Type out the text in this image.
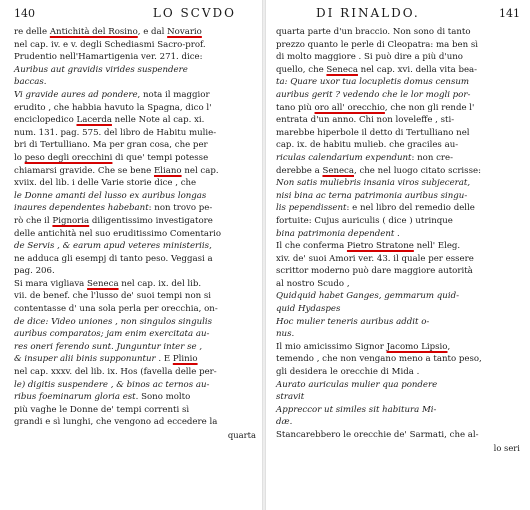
140	LO SCVDO

re delle Antichità del Rosino, e dal Novario

nel cap. iv. e v. degli Schediasmi Sacro-prof.

Prudentio nell'Hamartigenia ver. 271. dice:

Auribus aut gravidis virides suspendere

baccas.

Vi gravide aures ad pondere, nota il maggior

erudito , che habbia havuto la Spagna, dico l'

enciclopedico Lacerda nelle Note al cap. xi.

num. 131. pag. 575. del libro de Habitu mulie-

bri di Tertulliano. Ma per gran cosa, che per

lo peso degli orecchini di que' tempi potesse

chiamarsi gravide. Che se bene Eliano nel cap.

xviix. del lib. i delle Varie storie dice , che

le Donne amanti del lusso ex auribus longas

inaures dependentes habebant: non trovo pe-

rò che il Pignoria diligentissimo investigatore

delle antichità nel suo eruditissimo Comentario

de Servis , & earum apud veteres ministeriis,

ne adduca gli esempj di tanto peso. Veggasi a

pag. 206.

Si mara vigliava Seneca nel cap. ix. del lib.

vii. de benef. che l'lusso de' suoi tempi non si

contentasse d' una sola perla per orecchia, on-

de dice: Video uniones , non singulos singulis

auribus comparatos; jam enim exercitata au-

res oneri ferendo sunt. Junguntur inter se ,

& insuper alii binis supponuntur . E Plinio

nel cap. xxxv. del lib. ix. Hos (favella delle per-

le) digitis suspendere , & binos ac ternos au-

ribus foeminarum gloria est. Sono molto

più vaghe le Donne de' tempi correnti sì

grandi e sì lunghi, che vengono ad eccedere la

quarta
DI RINALDO.	141

quarta parte d'un braccio. Non sono di tanto

prezzo quanto le perle di Cleopatra: ma ben sì

di molto maggiore . Si può dire a più d'uno

quello, che Seneca nel cap. xvi. della vita bea-

ta: Quare uxor tua locupletis domus censum

auribus gerit ? vedendo che le lor mogli por-

tano più oro all' orecchio, che non gli rende l'

entrata d'un anno. Chi non loveleffe , sti-

marebbe hiperbole il detto di Tertulliano nel

cap. ix. de habitu mulieb. che graciles au-

riculas calendarium expendunt: non cre-

derebbe a Seneca, che nel luogo citato scrisse:

Non satis muliebris insania viros subjecerat,

nisi bina ac terna patrimonia auribus singu-

lis pependissent: e nel libro del remedio delle

fortuite: Cujus auriculis ( dice ) utrinque

bina patrimonia dependent .

Il che conferma Pietro Stratone nell' Eleg.

xiv. de' suoi Amori ver. 43. il quale per essere

scrittor moderno può dare maggiore autorità

al nostro Scudo ,

Quidquid habet Ganges, gemmarum quid-

quid Hydaspes

Hoc mulier teneris auribus addit o-

nus.

Il mio amicissimo Signor Jacomo Lipsio,

temendo , che non vengano meno a tanto peso,

gli desidera le orecchie di Mida .

Aurato auriculas mulier qua pondere

stravit

Appreccor ut similes sit habitura Mi-

dæ.

Stancarebbero le orecchie de' Sarmati, che al-

lo seri
